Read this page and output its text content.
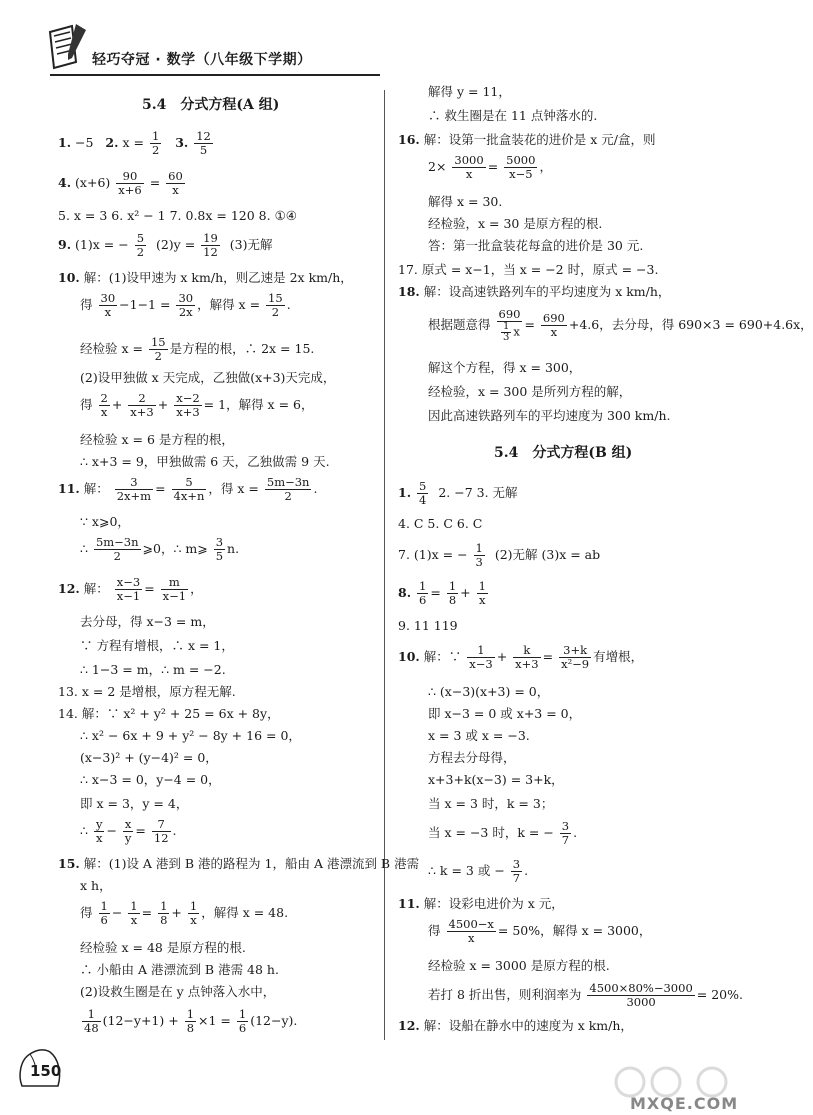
轻巧夺冠 · 数学（八年级下学期）
5.4　分式方程(A 组)
1. −5 2. $x = \frac{1}{2} 3$. $\frac{12}{5}$
4. $(x+6) \frac{90}{x+6} = \frac{60}{x}$
5. x = 3 6. x² − 1 7. 0.8x = 120 8. ①④
9. (1)x = − $\frac{5}{2} (2)y = \frac{19}{12} (3)$无解
10. 解：(1)设甲速为 x km/h，则乙速是 2x km/h，
得 $\frac{30}{x} -1-1 = \frac{30}{2x}$ ，解得 $x = \frac{15}{2}$ .
经检验 $x = \frac{15}{2}$ 是方程的根，∴ 2x = 15.
(2)设甲独做 x 天完成，乙独做(x+3)天完成，
得 $\frac{2}{x} + \frac{2}{x+3} + \frac{x-2}{x+3} = 1$，解得 x = 6，
经检验 x = 6 是方程的根，
∴ x+3 = 9，甲独做需 6 天，乙独做需 9 天.
11. 解： $\frac{3}{2x+m} = \frac{5}{4x+n}$ ，得 $x = \frac{5m-3n}{2}$ .
∵ x⩾0，
∴ $\frac{5m-3n}{2}$ ⩾0，∴ m⩾ $\frac{3}{5} n$.
12. 解： $\frac{x-3}{x-1} = \frac{m}{x-1}$ ，
去分母，得 x−3 = m，
∵ 方程有增根，∴ x = 1，
∴ 1−3 = m，∴ m = −2.
13. x = 2 是增根，原方程无解.
14. 解：∵ x² + y² + 25 = 6x + 8y，
∴ x² − 6x + 9 + y² − 8y + 16 = 0，
(x−3)² + (y−4)² = 0，
∴ x−3 = 0，y−4 = 0，
即 x = 3，y = 4，
∴ $\frac{y}{x} - \frac{x}{y} = \frac{7}{12}$ .
15. 解：(1)设 A 港到 B 港的路程为 1，船由 A 港漂流到 B 港需
x h，
得 $\frac{1}{6} - \frac{1}{x} = \frac{1}{8} + \frac{1}{x}$ ，解得 x = 48.
经检验 x = 48 是原方程的根.
∴ 小船由 A 港漂流到 B 港需 48 h.
(2)设救生圈是在 y 点钟落入水中，
$\frac{1}{48} (12-y+1) + \frac{1}{8} \times 1 = \frac{1}{6} (12-y)$.
解得 y = 11，
∴ 救生圈是在 11 点钟落水的.
16. 解：设第一批盒装花的进价是 x 元/盒，则
$2\times \frac{3000}{x} = \frac{5000}{x-5}$ ，
解得 x = 30.
经检验，x = 30 是原方程的根.
答：第一批盒装花每盒的进价是 30 元.
17. 原式 = x−1，当 x = −2 时，原式 = −3.
18. 解：设高速铁路列车的平均速度为 x km/h，
根据题意得 $\frac{690}{\frac{1}{3} x} = \frac{690}{x} +4.6$，去分母，得 690×3 = 690+4.6x，
解这个方程，得 x = 300，
经检验，x = 300 是所列方程的解，
因此高速铁路列车的平均速度为 300 km/h.
5.4　分式方程(B 组)
1. $\frac{5}{4} 2$. −7 3. 无解
4. C 5. C 6. C
7. (1)x = − $\frac{1}{3} (2)$无解 (3)x = ab
8. $\frac{1}{6} = \frac{1}{8} + \frac{1}{x}$
9. 11 119
10. 解：∵ $\frac{1}{x-3} + \frac{k}{x+3} = \frac{3+k}{\text{x²−9}}$ 有增根，
∴ (x−3)(x+3) = 0，
即 x−3 = 0 或 x+3 = 0，
x = 3 或 x = −3.
方程去分母得，
x+3+k(x−3) = 3+k，
当 x = 3 时，k = 3；
当 x = −3 时，k = − $\frac{3}{7}$ .
∴ k = 3 或 − $\frac{3}{7}$ .
11. 解：设彩电进价为 x 元，
得 $\frac{4500-x}{x} = 50\%$，解得 x = 3000，
经检验 x = 3000 是原方程的根.
若打 8 折出售，则利润率为 $\frac{4500\times 80\%-3000}{3000} = 20\%$.
12. 解：设船在静水中的速度为 x km/h，
150
MXQE.COM
